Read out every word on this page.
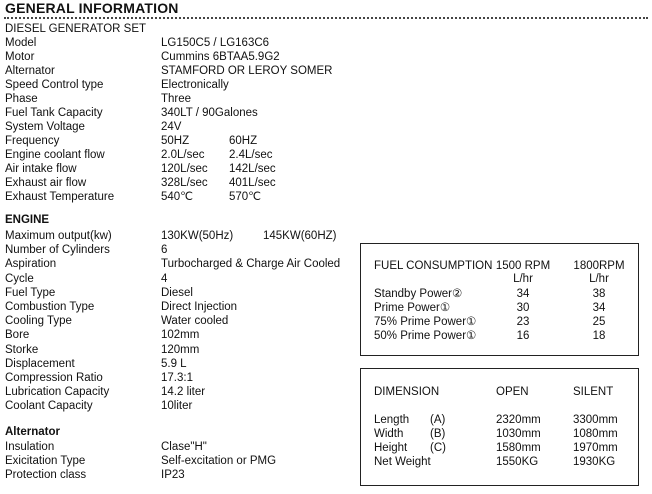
GENERAL INFORMATION
DIESEL GENERATOR SET
Model	LG150C5 / LG163C6
Motor	Cummins 6BTAA5.9G2
Alternator	STAMFORD OR LEROY SOMER
Speed Control type	Electronically
Phase	Three
Fuel Tank Capacity	340LT / 90Galones
System Voltage	24V
Frequency	50HZ	60HZ
Engine coolant flow	2.0L/sec 2.4L/sec
Air intake flow	120L/sec 142L/sec
Exhaust air flow	328L/sec 401L/sec
Exhaust Temperature	540℃	570℃
ENGINE
Maximum output(kw)	130KW(50Hz)	145KW(60HZ)
Number of Cylinders	6
Aspiration	Turbocharged & Charge Air Cooled
Cycle	4
Fuel Type	Diesel
Combustion Type	Direct Injection
Cooling Type	Water cooled
Bore	102mm
Storke	120mm
Displacement	5.9 L
Compression Ratio	17.3:1
Lubrication Capacity	14.2 liter
Coolant Capacity	10liter
Alternator
Insulation	Clase"H"
Exicitation Type	Self-excitation or PMG
Protection class	IP23
FUEL CONSUMPTION 1500 RPM	1800RPM
L/hr	L/hr
Standby Power②	34	38
Prime Power①	30	34
75% Prime Power①	23	25
50% Prime Power①	16	18
DIMENSION	OPEN	SILENT
Length (A)	2320mm	3300mm
Width (B)	1030mm	1080mm
Height (C)	1580mm	1970mm
Net Weight	1550KG	1930KG
